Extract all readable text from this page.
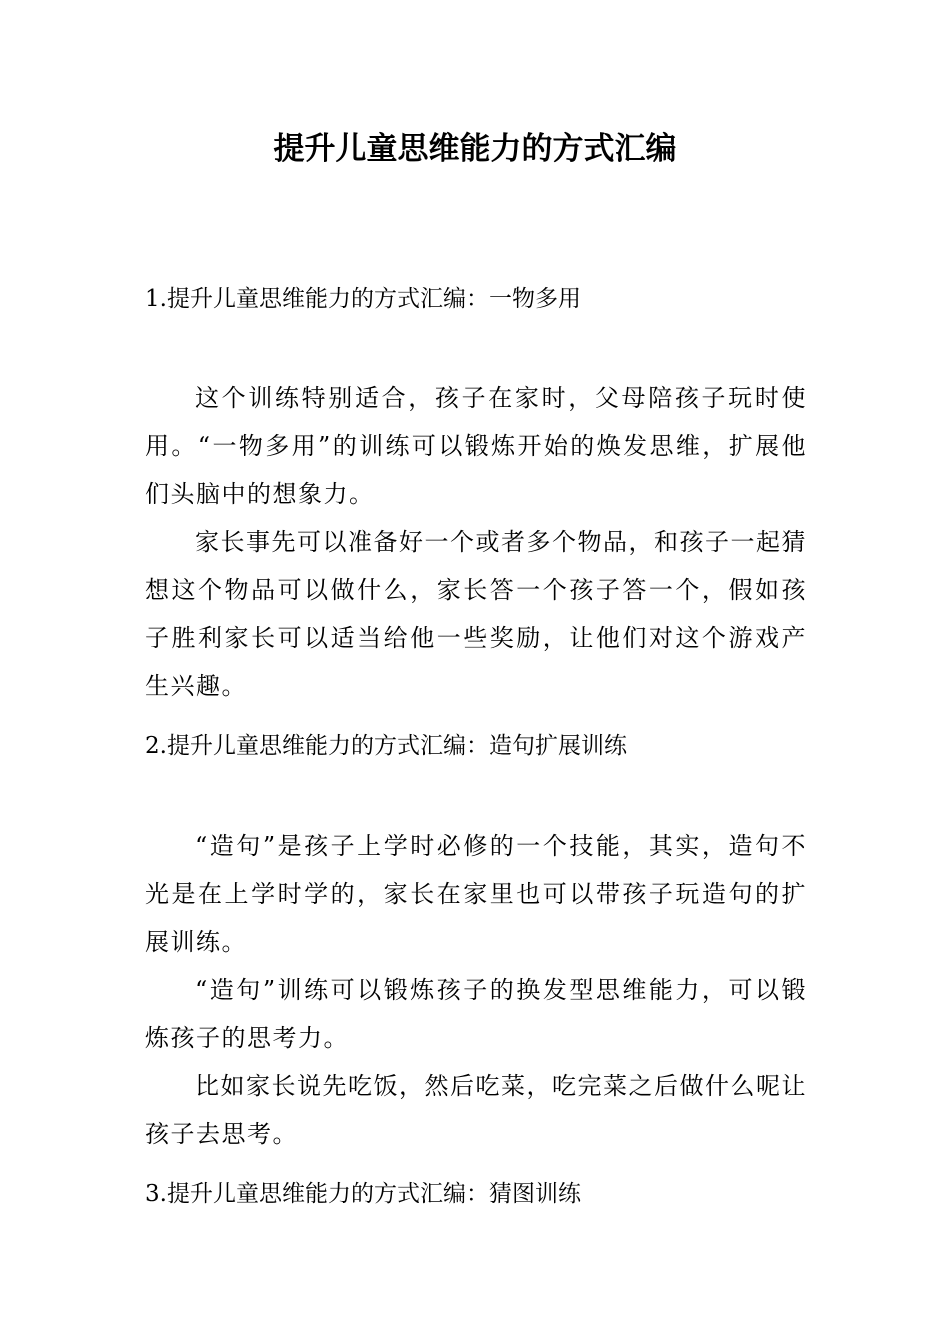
提升儿童思维能力的方式汇编
1.提升儿童思维能力的方式汇编：一物多用

这个训练特别适合，孩子在家时，父母陪孩子玩时使用。“一物多用”的训练可以锻炼开始的焕发思维，扩展他们头脑中的想象力。

家长事先可以准备好一个或者多个物品，和孩子一起猜想这个物品可以做什么，家长答一个孩子答一个，假如孩子胜利家长可以适当给他一些奖励，让他们对这个游戏产生兴趣。

2.提升儿童思维能力的方式汇编：造句扩展训练

“造句”是孩子上学时必修的一个技能，其实，造句不光是在上学时学的，家长在家里也可以带孩子玩造句的扩展训练。

“造句”训练可以锻炼孩子的换发型思维能力，可以锻炼孩子的思考力。

比如家长说先吃饭，然后吃菜，吃完菜之后做什么呢让孩子去思考。

3.提升儿童思维能力的方式汇编：猜图训练
